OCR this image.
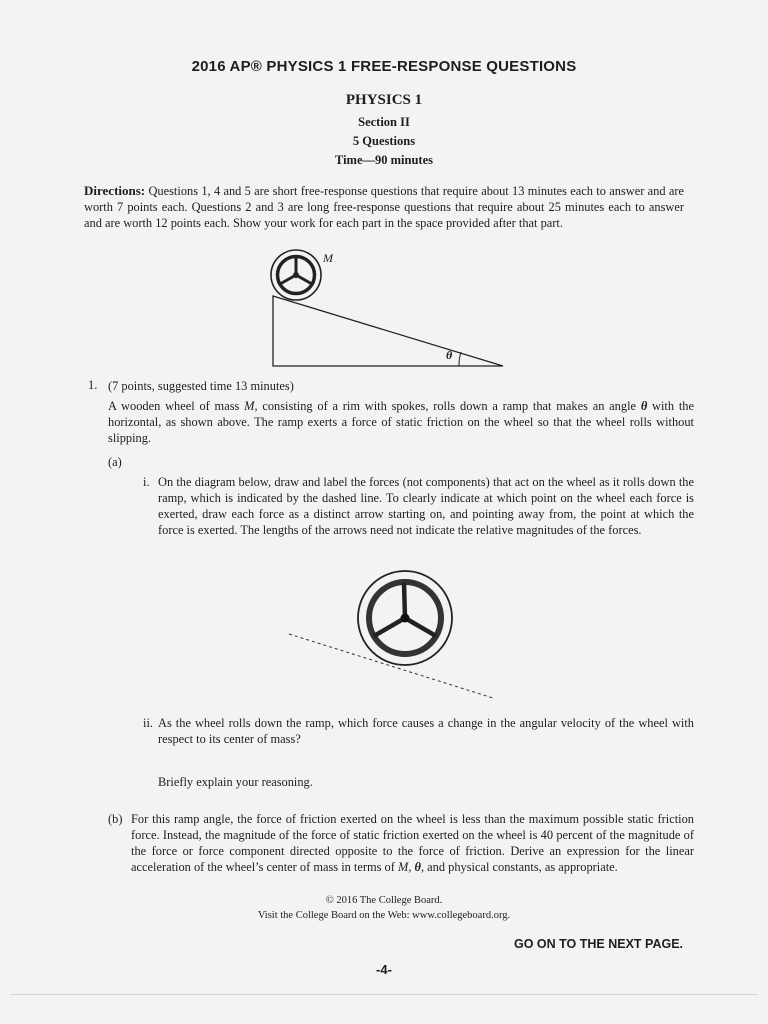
2016 AP® PHYSICS 1 FREE-RESPONSE QUESTIONS
PHYSICS 1
Section II
5 Questions
Time—90 minutes
Directions: Questions 1, 4 and 5 are short free-response questions that require about 13 minutes each to answer and are worth 7 points each. Questions 2 and 3 are long free-response questions that require about 25 minutes each to answer and are worth 12 points each. Show your work for each part in the space provided after that part.
M
θ
1. (7 points, suggested time 13 minutes)
A wooden wheel of mass M, consisting of a rim with spokes, rolls down a ramp that makes an angle θ with the horizontal, as shown above. The ramp exerts a force of static friction on the wheel so that the wheel rolls without slipping.
(a)
i. On the diagram below, draw and label the forces (not components) that act on the wheel as it rolls down the ramp, which is indicated by the dashed line. To clearly indicate at which point on the wheel each force is exerted, draw each force as a distinct arrow starting on, and pointing away from, the point at which the force is exerted. The lengths of the arrows need not indicate the relative magnitudes of the forces.
ii. As the wheel rolls down the ramp, which force causes a change in the angular velocity of the wheel with respect to its center of mass?
Briefly explain your reasoning.
(b) For this ramp angle, the force of friction exerted on the wheel is less than the maximum possible static friction force. Instead, the magnitude of the force of static friction exerted on the wheel is 40 percent of the magnitude of the force or force component directed opposite to the force of friction. Derive an expression for the linear acceleration of the wheel’s center of mass in terms of M, θ, and physical constants, as appropriate.
© 2016 The College Board.
Visit the College Board on the Web: www.collegeboard.org.
GO ON TO THE NEXT PAGE.
-4-
